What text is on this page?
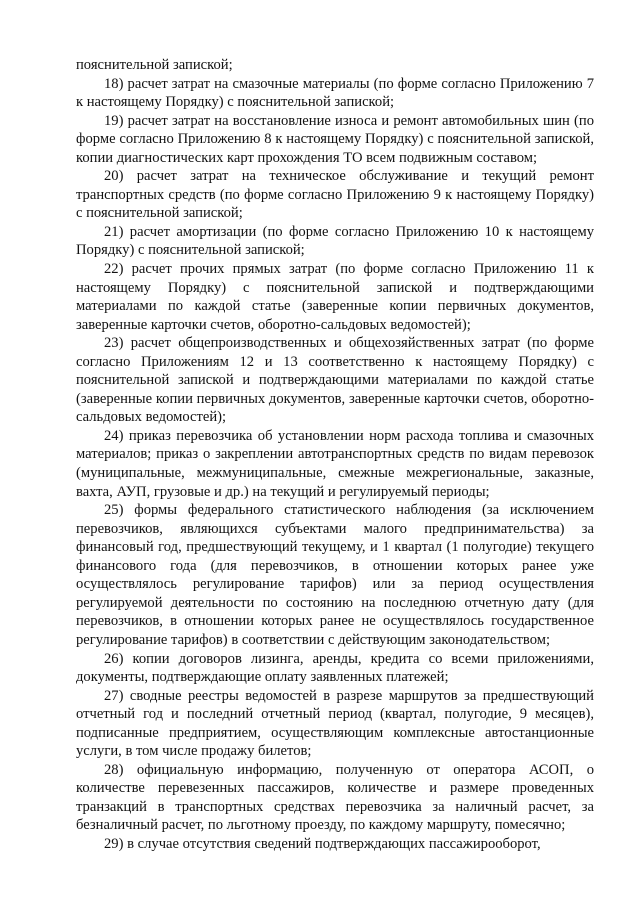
пояснительной запиской;

18) расчет затрат на смазочные материалы (по форме согласно Приложению 7 к настоящему Порядку) с пояснительной запиской;

19) расчет затрат на восстановление износа и ремонт автомобильных шин (по форме согласно Приложению 8 к настоящему Порядку) с пояснительной запиской, копии диагностических карт прохождения ТО всем подвижным составом;

20) расчет затрат на техническое обслуживание и текущий ремонт транспортных средств (по форме согласно Приложению 9 к настоящему Порядку) с пояснительной запиской;

21) расчет амортизации (по форме согласно Приложению 10 к настоящему Порядку) с пояснительной запиской;

22) расчет прочих прямых затрат (по форме согласно Приложению 11 к настоящему Порядку) с пояснительной запиской и подтверждающими материалами по каждой статье (заверенные копии первичных документов, заверенные карточки счетов, оборотно-сальдовых ведомостей);

23) расчет общепроизводственных и общехозяйственных затрат (по форме согласно Приложениям 12 и 13 соответственно к настоящему Порядку) с пояснительной запиской и подтверждающими материалами по каждой статье (заверенные копии первичных документов, заверенные карточки счетов, оборотно-сальдовых ведомостей);

24) приказ перевозчика об установлении норм расхода топлива и смазочных материалов; приказ о закреплении автотранспортных средств по видам перевозок (муниципальные, межмуниципальные, смежные межрегиональные, заказные, вахта, АУП, грузовые и др.) на текущий и регулируемый периоды;

25) формы федерального статистического наблюдения (за исключением перевозчиков, являющихся субъектами малого предпринимательства) за финансовый год, предшествующий текущему, и 1 квартал (1 полугодие) текущего финансового года (для перевозчиков, в отношении которых ранее уже осуществлялось регулирование тарифов) или за период осуществления регулируемой деятельности по состоянию на последнюю отчетную дату (для перевозчиков, в отношении которых ранее не осуществлялось государственное регулирование тарифов) в соответствии с действующим законодательством;

26) копии договоров лизинга, аренды, кредита со всеми приложениями, документы, подтверждающие оплату заявленных платежей;

27) сводные реестры ведомостей в разрезе маршрутов за предшествующий отчетный год и последний отчетный период (квартал, полугодие, 9 месяцев), подписанные предприятием, осуществляющим комплексные автостанционные услуги, в том числе продажу билетов;

28) официальную информацию, полученную от оператора АСОП, о количестве перевезенных пассажиров, количестве и размере проведенных транзакций в транспортных средствах перевозчика за наличный расчет, за безналичный расчет, по льготному проезду, по каждому маршруту, помесячно;

29) в случае отсутствия сведений подтверждающих пассажирооборот,
